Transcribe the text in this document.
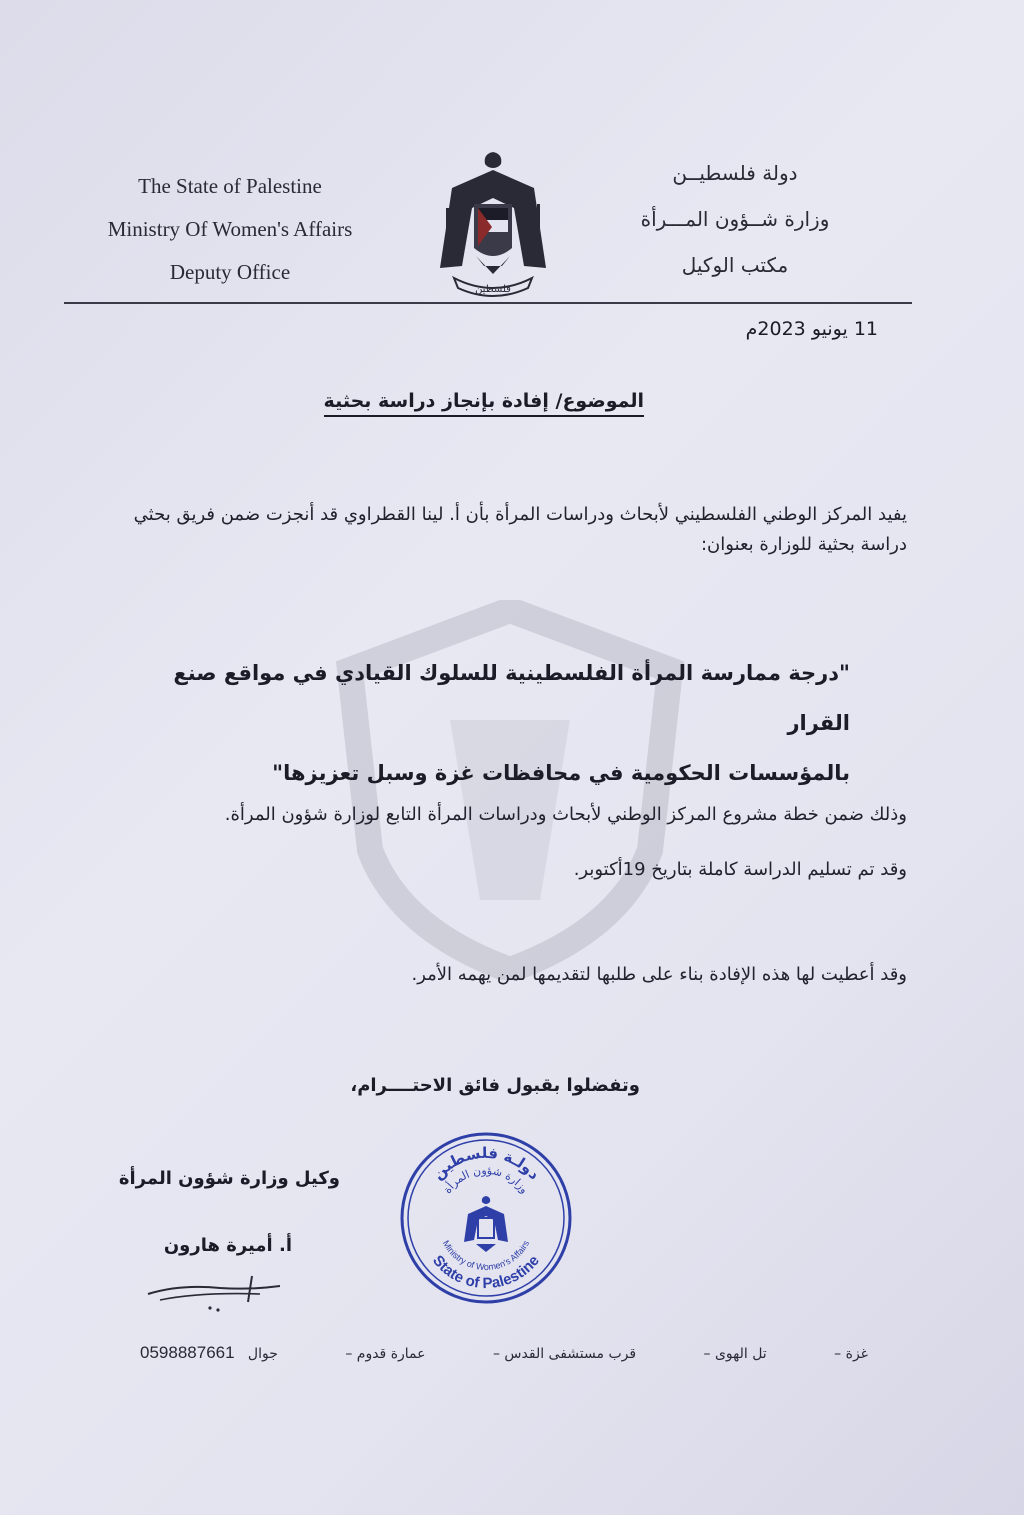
The State of Palestine
Ministry Of Women's Affairs
Deputy Office
فلسطين
دولة فلسطيــن
وزارة شــؤون المـــرأة
مكتب الوكيل
11 يونيو 2023م
الموضوع/ إفادة بإنجاز دراسة بحثية
يفيد المركز الوطني الفلسطيني لأبحاث ودراسات المرأة بأن أ. لينا القطراوي قد أنجزت ضمن فريق بحثي دراسة بحثية للوزارة بعنوان:
"درجة ممارسة المرأة الفلسطينية للسلوك القيادي في مواقع صنع القرار
بالمؤسسات الحكومية في محافظات غزة وسبل تعزيزها"
وذلك ضمن خطة مشروع المركز الوطني لأبحاث ودراسات المرأة التابع لوزارة شؤون المرأة.
وقد تم تسليم الدراسة كاملة بتاريخ 19أكتوبر.
وقد أعطيت لها هذه الإفادة بناء على طلبها لتقديمها لمن يهمه الأمر.
وتفضلوا بقبول فائق الاحتــــرام،
وكيل وزارة شؤون المرأة
أ. أميرة هارون
دولـة فلسطين
وزارة شؤون المرأة
Ministry of Women's Affairs
State of Palestine
غزة –
تل الهوى –
قرب مستشفى القدس –
عمارة قدوم –
جوال   0598887661
